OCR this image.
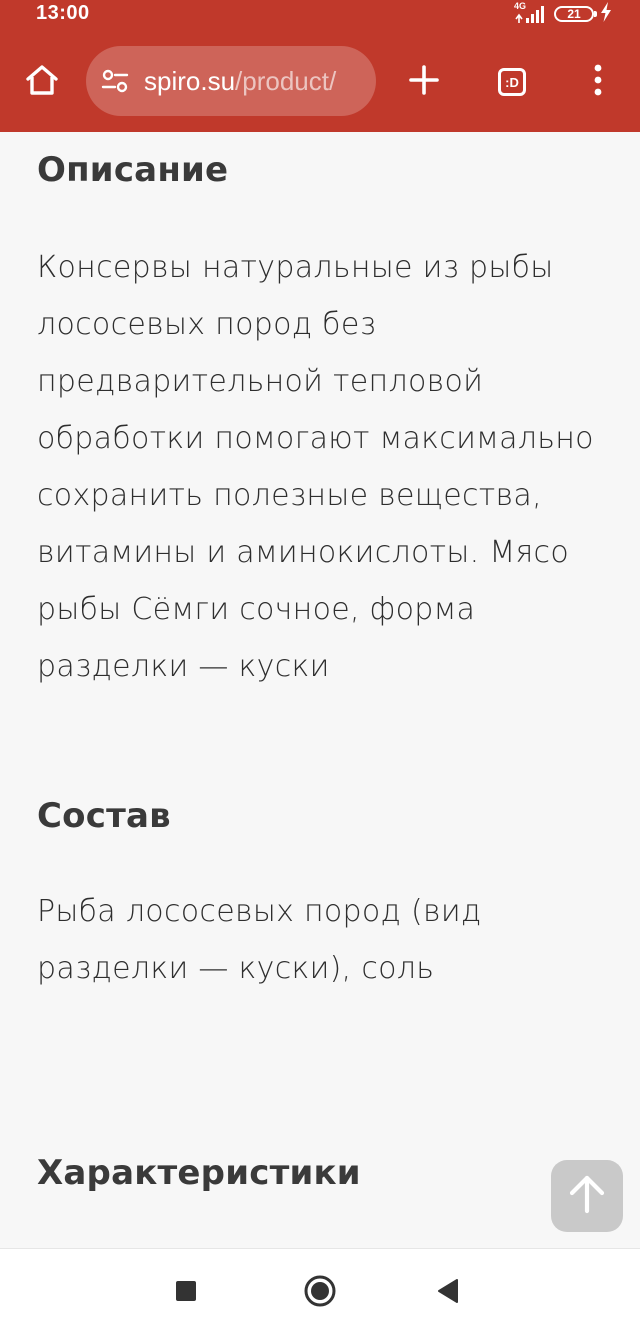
13:00	4G
21
spiro.su/product/	:D
Описание

Консервы натуральные из рыбы лососевых пород без предварительной тепловой обработки помогают максимально сохранить полезные вещества, витамины и аминокислоты. Мясо рыбы Сёмги сочное, форма разделки — куски

Состав

Рыба лососевых пород (вид разделки — куски), соль

Характеристики
